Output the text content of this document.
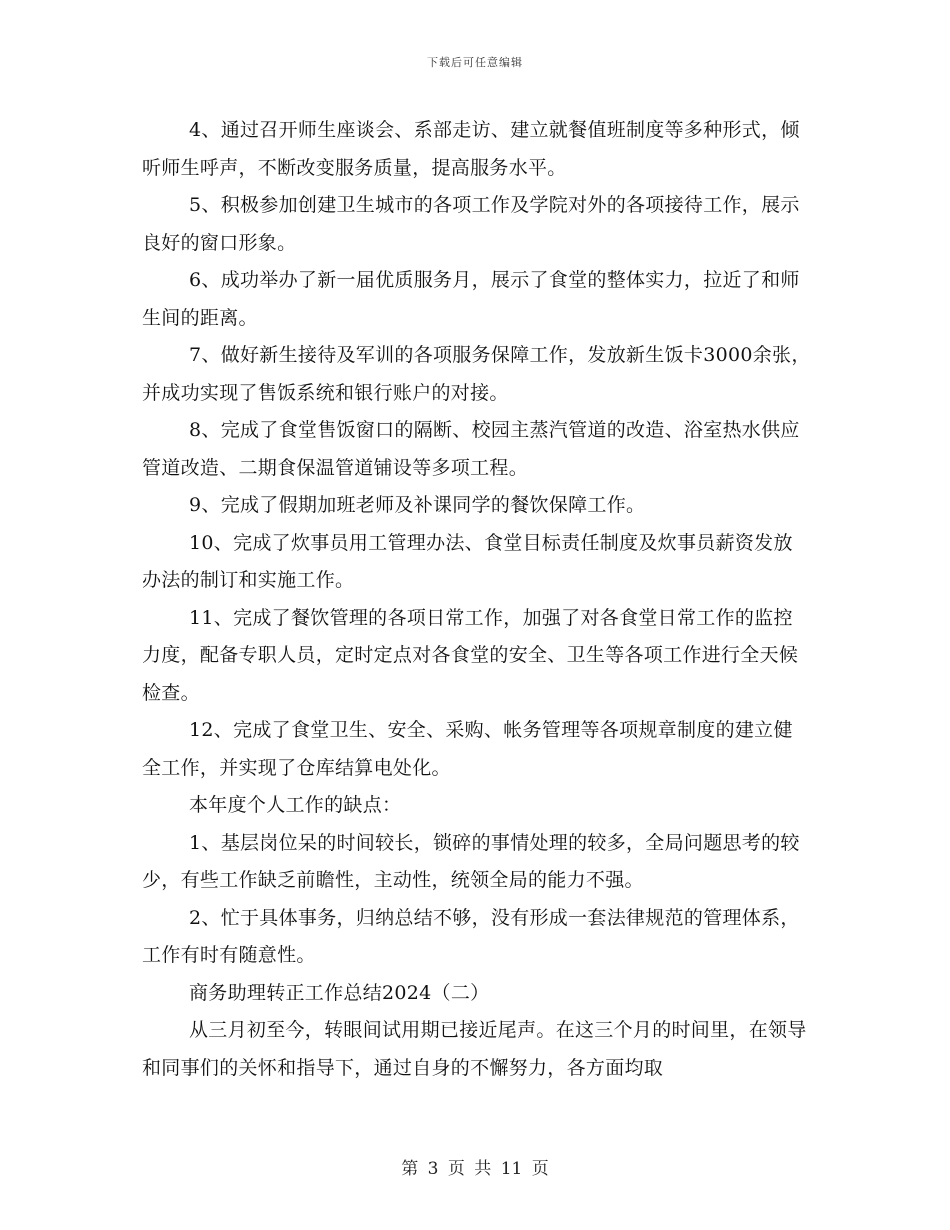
下载后可任意编辑

4、通过召开师生座谈会、系部走访、建立就餐值班制度等多种形式，倾听师生呼声，不断改变服务质量，提高服务水平。

5、积极参加创建卫生城市的各项工作及学院对外的各项接待工作，展示良好的窗口形象。

6、成功举办了新一届优质服务月，展示了食堂的整体实力，拉近了和师生间的距离。

7、做好新生接待及军训的各项服务保障工作，发放新生饭卡3000余张，并成功实现了售饭系统和银行账户的对接。

8、完成了食堂售饭窗口的隔断、校园主蒸汽管道的改造、浴室热水供应管道改造、二期食保温管道铺设等多项工程。

9、完成了假期加班老师及补课同学的餐饮保障工作。

10、完成了炊事员用工管理办法、食堂目标责任制度及炊事员薪资发放办法的制订和实施工作。

11、完成了餐饮管理的各项日常工作，加强了对各食堂日常工作的监控力度，配备专职人员，定时定点对各食堂的安全、卫生等各项工作进行全天候检查。

12、完成了食堂卫生、安全、采购、帐务管理等各项规章制度的建立健全工作，并实现了仓库结算电处化。

本年度个人工作的缺点：

1、基层岗位呆的时间较长，锁碎的事情处理的较多，全局问题思考的较少，有些工作缺乏前瞻性，主动性，统领全局的能力不强。

2、忙于具体事务，归纳总结不够，没有形成一套法律规范的管理体系，工作有时有随意性。

商务助理转正工作总结2024（二）

从三月初至今，转眼间试用期已接近尾声。在这三个月的时间里，在领导和同事们的关怀和指导下，通过自身的不懈努力，各方面均取

第 3 页 共 11 页
